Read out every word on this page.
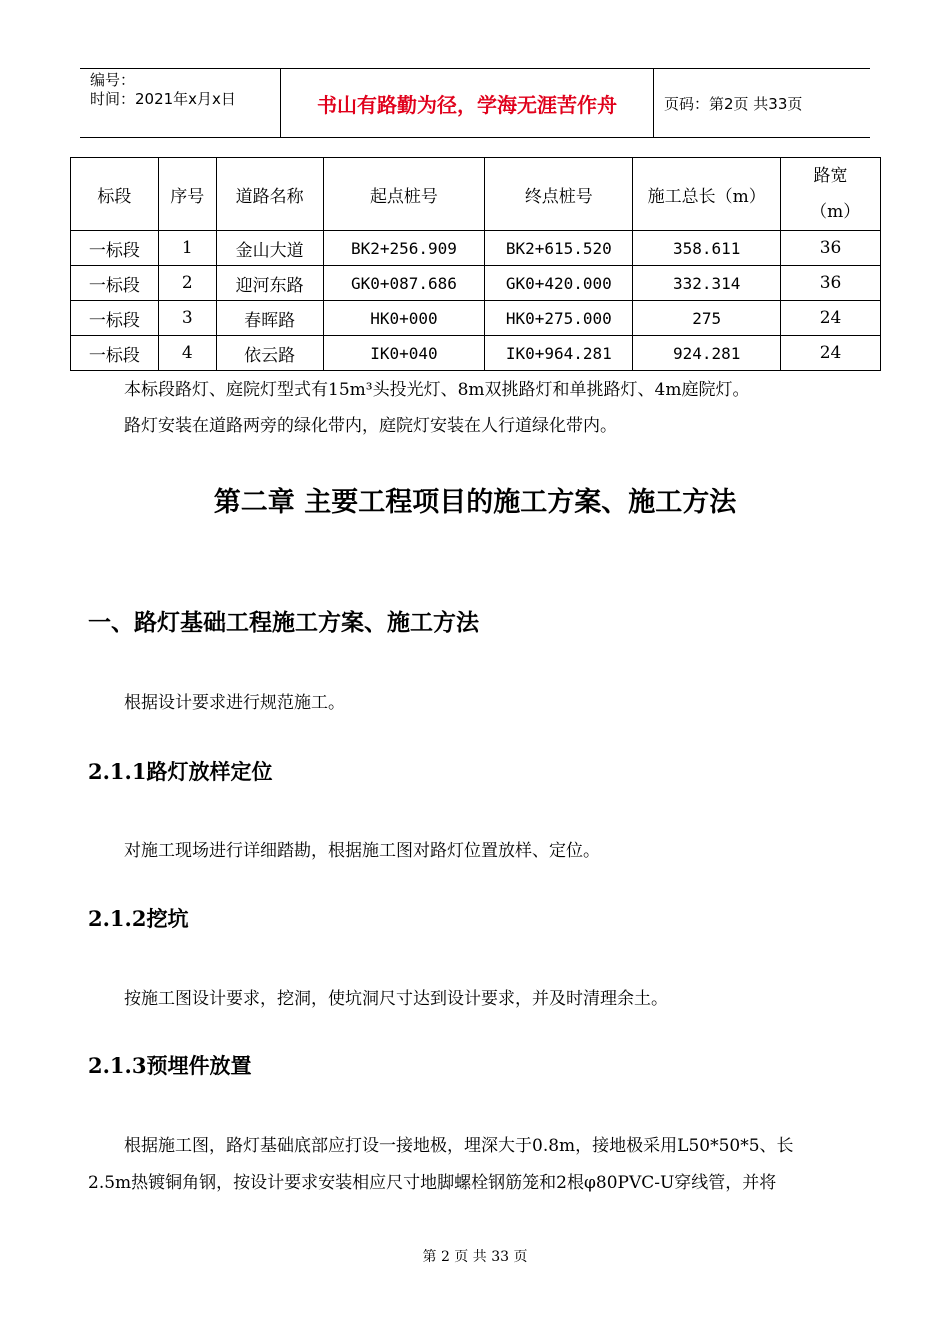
编号：
时间：2021年x月x日	书山有路勤为径，学海无涯苦作舟	页码：第2页 共33页
标段	序号	道路名称	起点桩号	终点桩号	施工总长（m）	路宽（m）
一标段	1	金山大道	BK2+256.909	BK2+615.520	358.611	36
一标段	2	迎河东路	GK0+087.686	GK0+420.000	332.314	36
一标段	3	春晖路	HK0+000	HK0+275.000	275	24
一标段	4	依云路	IK0+040	IK0+964.281	924.281	24
本标段路灯、庭院灯型式有15m³头投光灯、8m双挑路灯和单挑路灯、4m庭院灯。
路灯安装在道路两旁的绿化带内，庭院灯安装在人行道绿化带内。
第二章 主要工程项目的施工方案、施工方法
一、路灯基础工程施工方案、施工方法
根据设计要求进行规范施工。
2.1.1路灯放样定位
对施工现场进行详细踏勘，根据施工图对路灯位置放样、定位。
2.1.2挖坑
按施工图设计要求，挖洞，使坑洞尺寸达到设计要求，并及时清理余土。
2.1.3预埋件放置
根据施工图，路灯基础底部应打设一接地极，埋深大于0.8m，接地极采用L50*50*5、长
2.5m热镀铜角钢，按设计要求安装相应尺寸地脚螺栓钢筋笼和2根φ80PVC-U穿线管，并将
第 2 页 共 33 页
